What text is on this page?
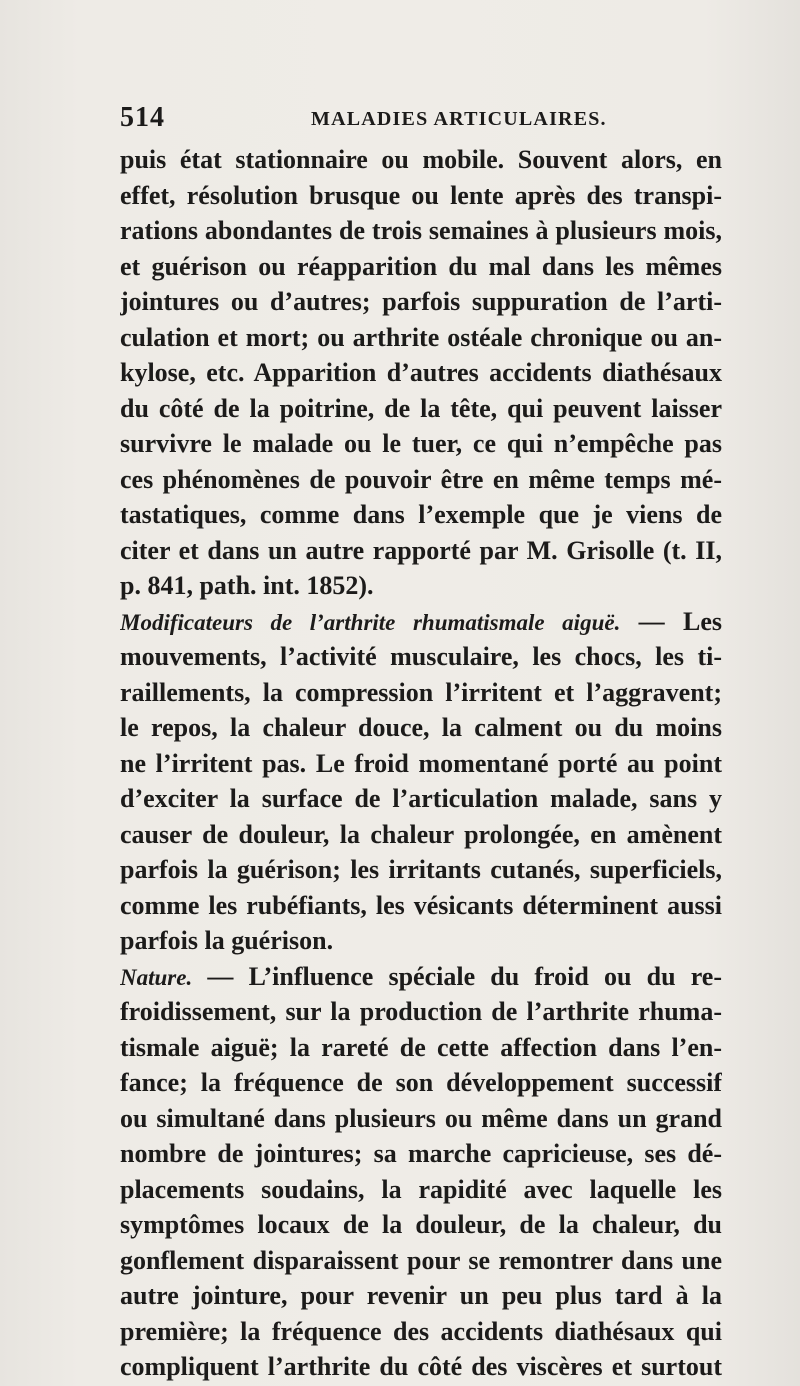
514	MALADIES ARTICULAIRES.
puis état stationnaire ou mobile. Souvent alors, en
effet, résolution brusque ou lente après des transpi-
rations abondantes de trois semaines à plusieurs mois,
et guérison ou réapparition du mal dans les mêmes
jointures ou d’autres; parfois suppuration de l’arti-
culation et mort; ou arthrite ostéale chronique ou an-
kylose, etc. Apparition d’autres accidents diathésaux
du côté de la poitrine, de la tête, qui peuvent laisser
survivre le malade ou le tuer, ce qui n’empêche pas
ces phénomènes de pouvoir être en même temps mé-
tastatiques, comme dans l’exemple que je viens de
citer et dans un autre rapporté par M. Grisolle (t. II,
p. 841, path. int. 1852).
Modificateurs de l’arthrite rhumatismale aiguë. — Les
mouvements, l’activité musculaire, les chocs, les ti-
raillements, la compression l’irritent et l’aggravent;
le repos, la chaleur douce, la calment ou du moins
ne l’irritent pas. Le froid momentané porté au point
d’exciter la surface de l’articulation malade, sans y
causer de douleur, la chaleur prolongée, en amènent
parfois la guérison; les irritants cutanés, superficiels,
comme les rubéfiants, les vésicants déterminent aussi
parfois la guérison.
Nature. — L’influence spéciale du froid ou du re-
froidissement, sur la production de l’arthrite rhuma-
tismale aiguë; la rareté de cette affection dans l’en-
fance; la fréquence de son développement successif
ou simultané dans plusieurs ou même dans un grand
nombre de jointures; sa marche capricieuse, ses dé-
placements soudains, la rapidité avec laquelle les
symptômes locaux de la douleur, de la chaleur, du
gonflement disparaissent pour se remontrer dans une
autre jointure, pour revenir un peu plus tard à la
première; la fréquence des accidents diathésaux qui
compliquent l’arthrite du côté des viscères et surtout
